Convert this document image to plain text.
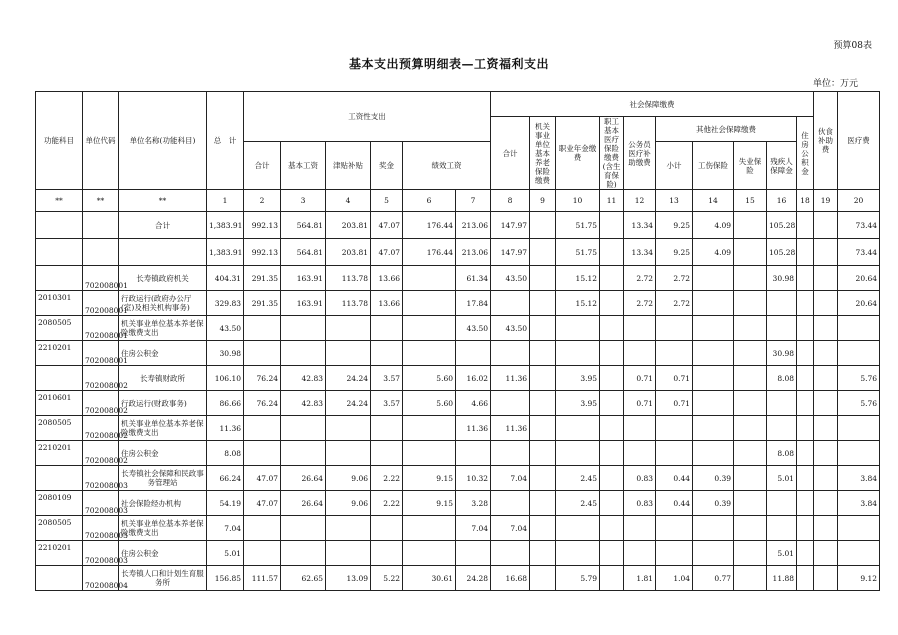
预算08表
基本支出预算明细表—工资福利支出
单位：万元
功能科目	单位代码	单位名称(功能科目)	总　计	工资性支出						社会保障缴费										伙食补助费	医疗费	
										合计	机关事业单位基本养老保险缴费	职业年金缴费	职工基本医疗保险缴费(含生育保险)	公务员医疗补助缴费	其他社会保障缴费				住房公积金			
				合计	基本工资	津贴补贴	奖金	绩效工资							小计	工伤保险	失业保险	残疾人保障金				
**	**	**	1	2	3	4	5	6	7	8	9	10	11	12	13	14	15	16	18	19	20	
		合计	1,383.91	992.13	564.81	203.81	47.07	176.44	213.06	147.97		51.75		13.34	9.25	4.09		105.28			73.44	
			1,383.91	992.13	564.81	203.81	47.07	176.44	213.06	147.97		51.75		13.34	9.25	4.09		105.28			73.44	
	702008001	长寿镇政府机关	404.31	291.35	163.91	113.78	13.66		61.34	43.50		15.12		2.72	2.72			30.98			20.64	
2010301	702008001	行政运行(政府办公厅(室)及相关机构事务)	329.83	291.35	163.91	113.78	13.66		17.84			15.12		2.72	2.72						20.64	
2080505	702008001	机关事业单位基本养老保险缴费支出	43.50						43.50	43.50												
2210201	702008001	住房公积金	30.98															30.98				
	702008002	长寿镇财政所	106.10	76.24	42.83	24.24	3.57	5.60	16.02	11.36		3.95		0.71	0.71			8.08			5.76	
2010601	702008002	行政运行(财政事务)	86.66	76.24	42.83	24.24	3.57	5.60	4.66			3.95		0.71	0.71						5.76	
2080505	702008002	机关事业单位基本养老保险缴费支出	11.36						11.36	11.36												
2210201	702008002	住房公积金	8.08															8.08				
	702008003	长寿镇社会保障和民政事务管理站	66.24	47.07	26.64	9.06	2.22	9.15	10.32	7.04		2.45		0.83	0.44	0.39		5.01			3.84	
2080109	702008003	社会保险经办机构	54.19	47.07	26.64	9.06	2.22	9.15	3.28			2.45		0.83	0.44	0.39					3.84	
2080505	702008003	机关事业单位基本养老保险缴费支出	7.04						7.04	7.04												
2210201	702008003	住房公积金	5.01															5.01				
	702008004	长寿镇人口和计划生育服务所	156.85	111.57	62.65	13.09	5.22	30.61	24.28	16.68		5.79		1.81	1.04	0.77		11.88			9.12	
